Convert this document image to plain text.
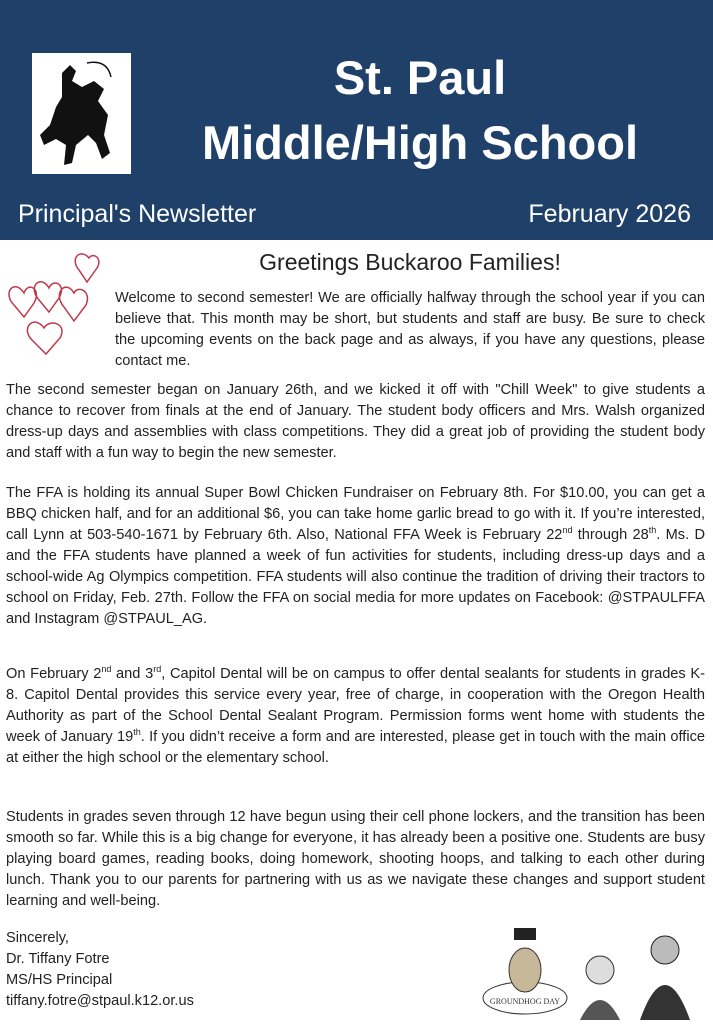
St. Paul
Middle/High School
Principal's Newsletter	February 2026
Greetings Buckaroo Families!

Welcome to second semester! We are officially halfway through the school year if you can believe that. This month may be short, but students and staff are busy. Be sure to check the upcoming events on the back page and as always, if you have any questions, please contact me.

The second semester began on January 26th, and we kicked it off with "Chill Week" to give students a chance to recover from finals at the end of January. The student body officers and Mrs. Walsh organized dress-up days and assemblies with class competitions. They did a great job of providing the student body and staff with a fun way to begin the new semester.

The FFA is holding its annual Super Bowl Chicken Fundraiser on February 8th. For $10.00, you can get a BBQ chicken half, and for an additional $6, you can take home garlic bread to go with it. If you’re interested, call Lynn at 503-540-1671 by February 6th. Also, National FFA Week is February 22nd through 28th. Ms. D and the FFA students have planned a week of fun activities for students, including dress-up days and a school-wide Ag Olympics competition. FFA students will also continue the tradition of driving their tractors to school on Friday, Feb. 27th. Follow the FFA on social media for more updates on Facebook: @STPAULFFA and Instagram @STPAUL_AG.

On February 2nd and 3rd, Capitol Dental will be on campus to offer dental sealants for students in grades K-8. Capitol Dental provides this service every year, free of charge, in cooperation with the Oregon Health Authority as part of the School Dental Sealant Program. Permission forms went home with students the week of January 19th. If you didn’t receive a form and are interested, please get in touch with the main office at either the high school or the elementary school.

Students in grades seven through 12 have begun using their cell phone lockers, and the transition has been smooth so far. While this is a big change for everyone, it has already been a positive one. Students are busy playing board games, reading books, doing homework, shooting hoops, and talking to each other during lunch. Thank you to our parents for partnering with us as we navigate these changes and support student learning and well-being.

Sincerely,
Dr. Tiffany Fotre
MS/HS Principal
tiffany.fotre@stpaul.k12.or.us	GROUNDHOG DAY
